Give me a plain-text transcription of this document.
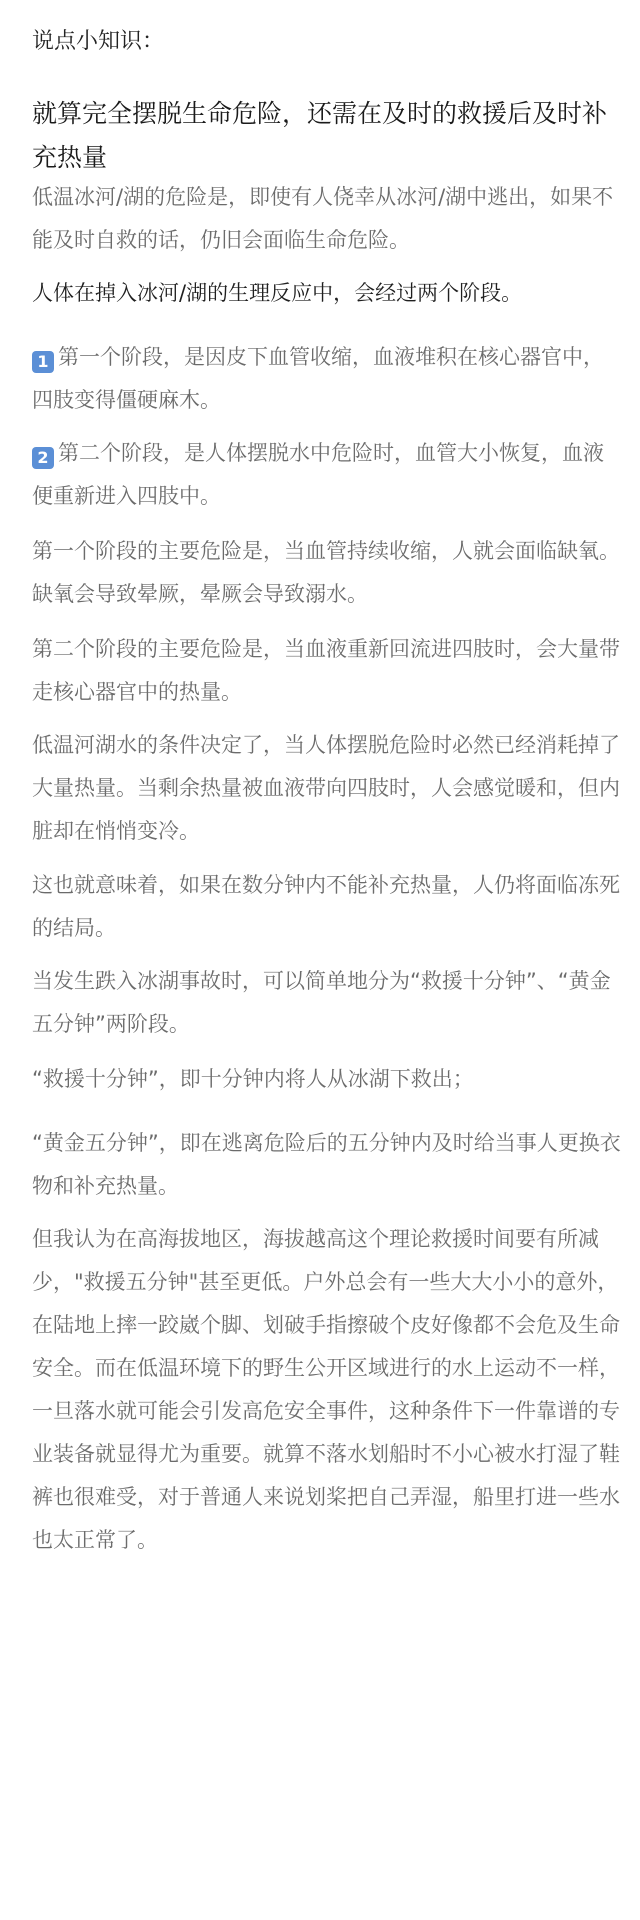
说点小知识：

就算完全摆脱生命危险，还需在及时的救援后及时补充热量

低温冰河/湖的危险是，即使有人侥幸从冰河/湖中逃出，如果不能及时自救的话，仍旧会面临生命危险。

人体在掉入冰河/湖的生理反应中，会经过两个阶段。

1 第一个阶段，是因皮下血管收缩，血液堆积在核心器官中，四肢变得僵硬麻木。

2 第二个阶段，是人体摆脱水中危险时，血管大小恢复，血液便重新进入四肢中。

第一个阶段的主要危险是，当血管持续收缩，人就会面临缺氧。缺氧会导致晕厥，晕厥会导致溺水。

第二个阶段的主要危险是，当血液重新回流进四肢时，会大量带走核心器官中的热量。

低温河湖水的条件决定了，当人体摆脱危险时必然已经消耗掉了大量热量。当剩余热量被血液带向四肢时，人会感觉暖和，但内脏却在悄悄变冷。

这也就意味着，如果在数分钟内不能补充热量，人仍将面临冻死的结局。

当发生跌入冰湖事故时，可以简单地分为“救援十分钟”、“黄金五分钟”两阶段。

“救援十分钟”，即十分钟内将人从冰湖下救出；

“黄金五分钟”，即在逃离危险后的五分钟内及时给当事人更换衣物和补充热量。

但我认为在高海拔地区，海拔越高这个理论救援时间要有所减少，"救援五分钟"甚至更低。户外总会有一些大大小小的意外，在陆地上摔一跤崴个脚、划破手指擦破个皮好像都不会危及生命安全。而在低温环境下的野生公开区域进行的水上运动不一样，一旦落水就可能会引发高危安全事件，这种条件下一件靠谱的专业装备就显得尤为重要。就算不落水划船时不小心被水打湿了鞋裤也很难受，对于普通人来说划桨把自己弄湿，船里打进一些水也太正常了。
